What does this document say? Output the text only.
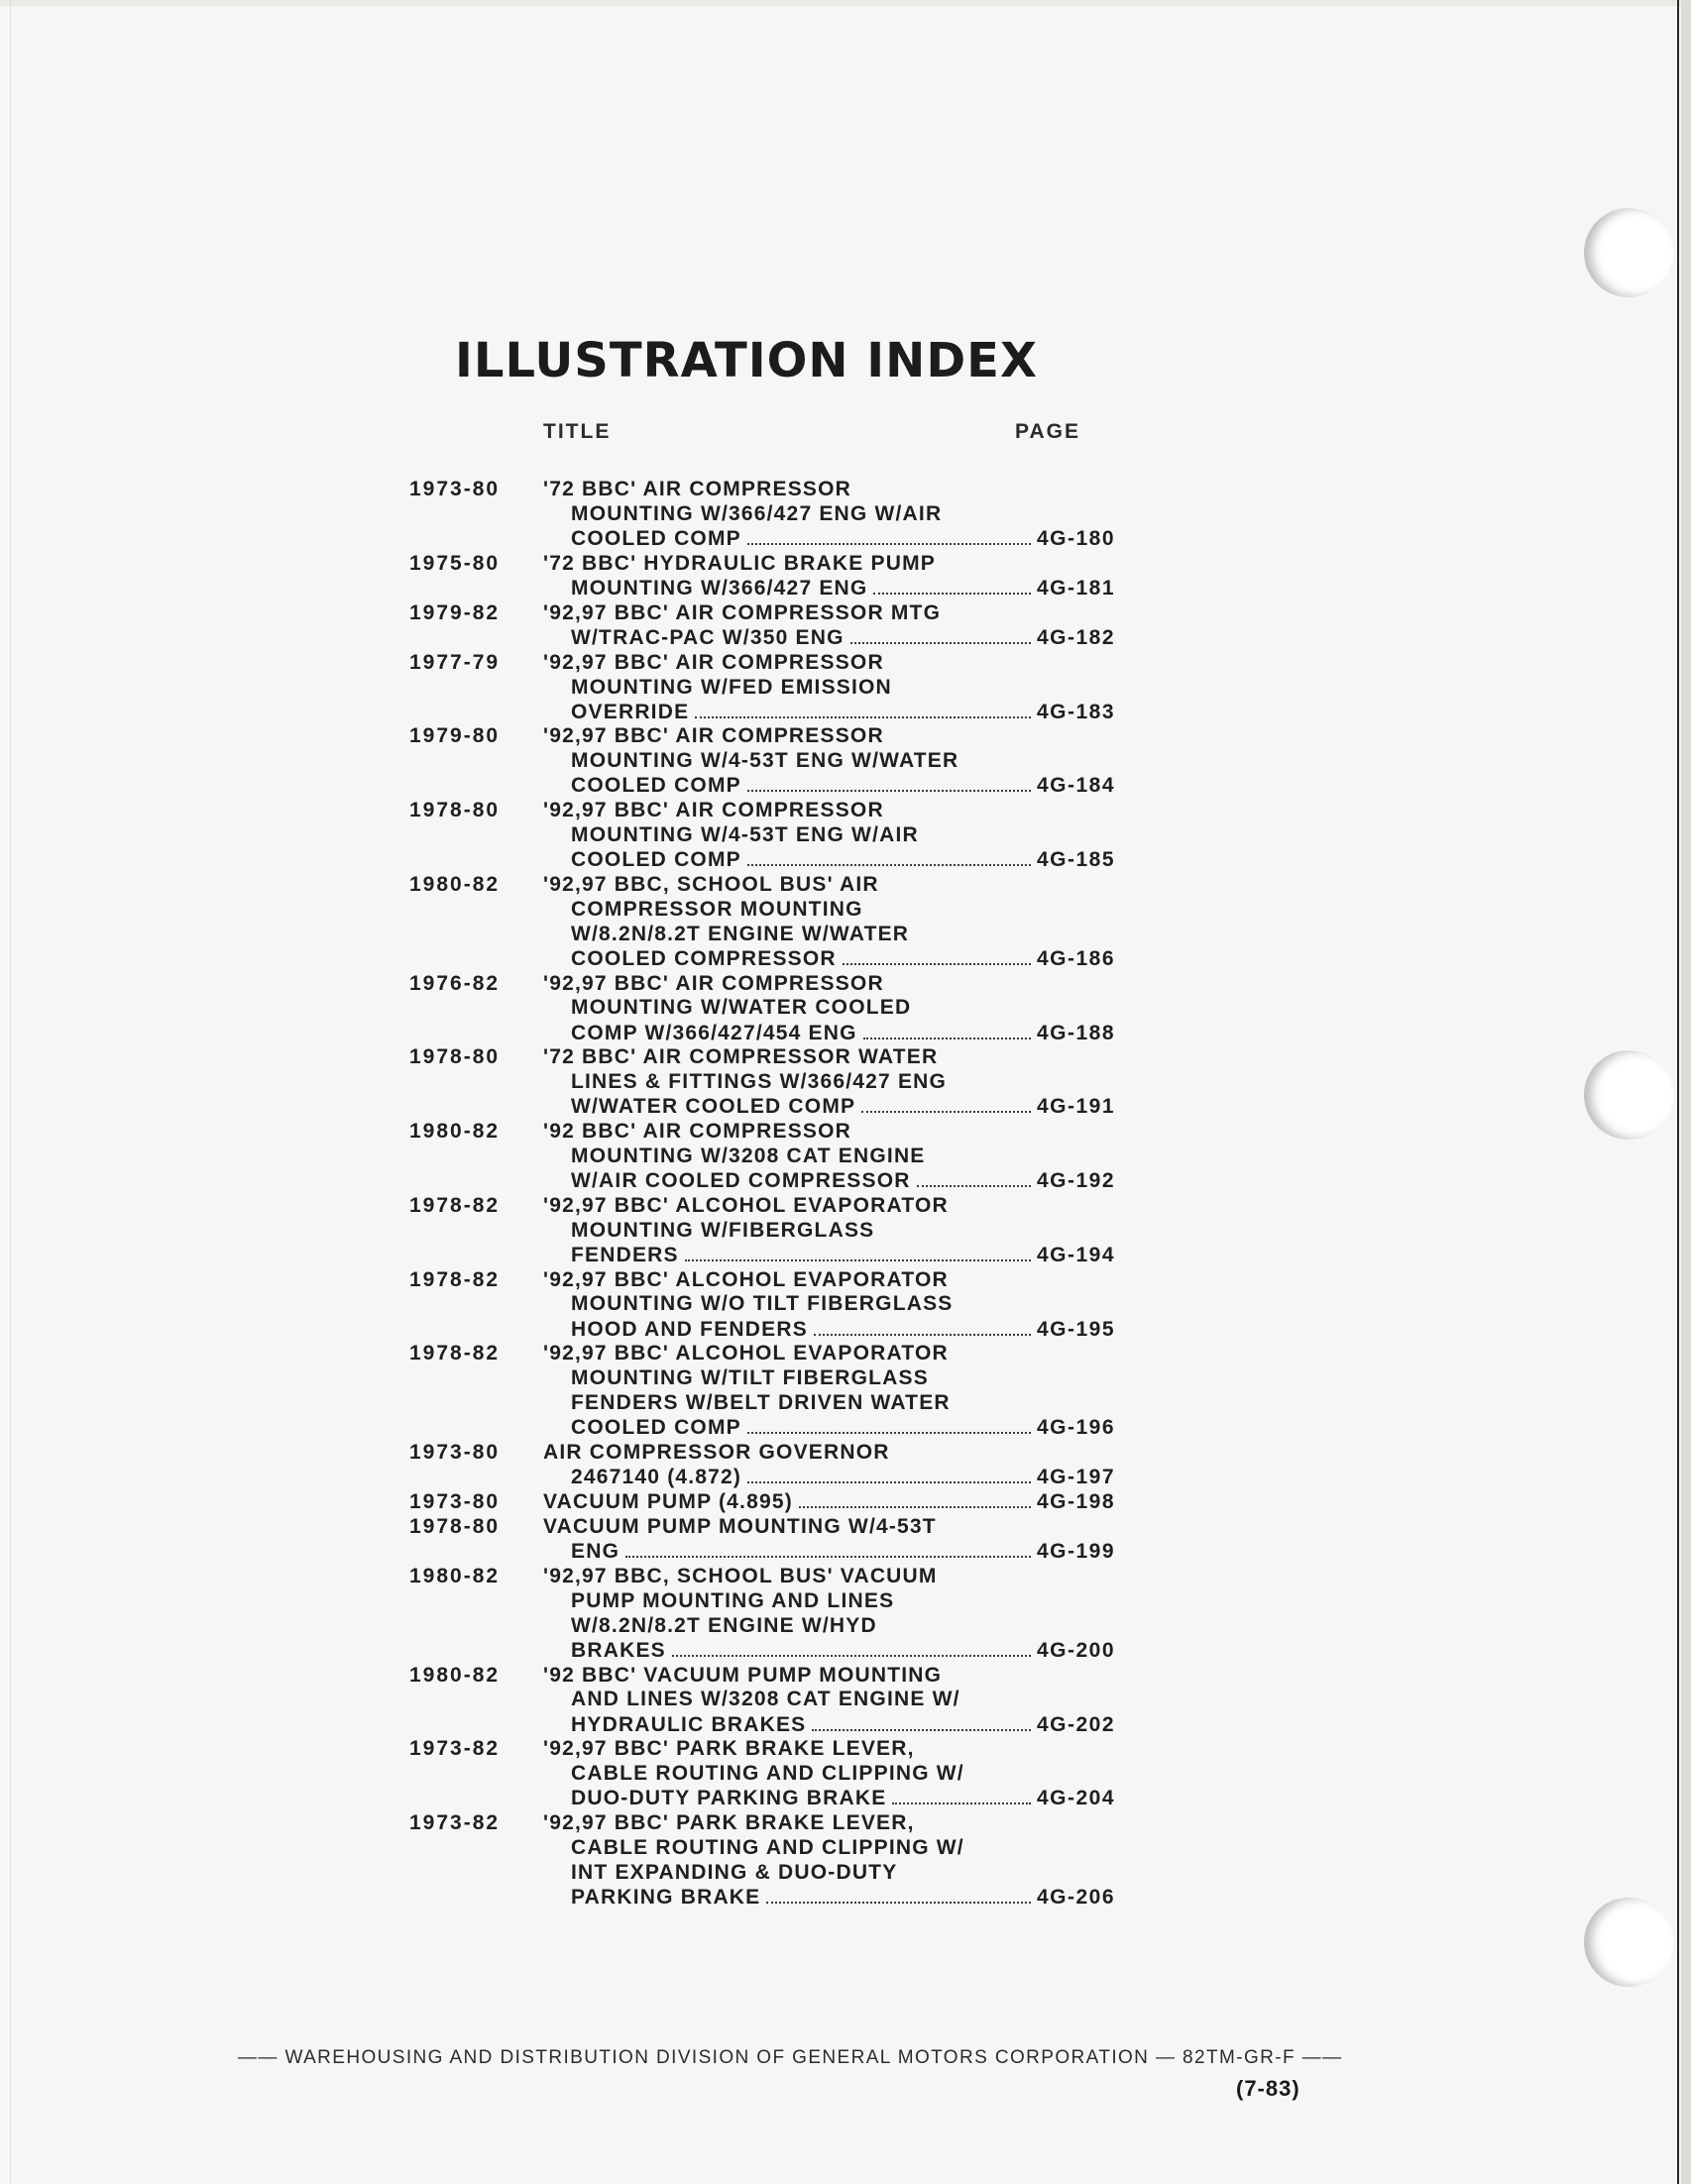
ILLUSTRATION INDEX
TITLE	PAGE
1973-80	'72 BBC' AIR COMPRESSOR
MOUNTING W/366/427 ENG W/AIR
COOLED COMP	4G-180
1975-80	'72 BBC' HYDRAULIC BRAKE PUMP
MOUNTING W/366/427 ENG	4G-181
1979-82	'92,97 BBC' AIR COMPRESSOR MTG
W/TRAC-PAC W/350 ENG	4G-182
1977-79	'92,97 BBC' AIR COMPRESSOR
MOUNTING W/FED EMISSION
OVERRIDE	4G-183
1979-80	'92,97 BBC' AIR COMPRESSOR
MOUNTING W/4-53T ENG W/WATER
COOLED COMP	4G-184
1978-80	'92,97 BBC' AIR COMPRESSOR
MOUNTING W/4-53T ENG W/AIR
COOLED COMP	4G-185
1980-82	'92,97 BBC, SCHOOL BUS' AIR
COMPRESSOR MOUNTING
W/8.2N/8.2T ENGINE W/WATER
COOLED COMPRESSOR	4G-186
1976-82	'92,97 BBC' AIR COMPRESSOR
MOUNTING W/WATER COOLED
COMP W/366/427/454 ENG	4G-188
1978-80	'72 BBC' AIR COMPRESSOR WATER
LINES & FITTINGS W/366/427 ENG
W/WATER COOLED COMP	4G-191
1980-82	'92 BBC' AIR COMPRESSOR
MOUNTING W/3208 CAT ENGINE
W/AIR COOLED COMPRESSOR	4G-192
1978-82	'92,97 BBC' ALCOHOL EVAPORATOR
MOUNTING W/FIBERGLASS
FENDERS	4G-194
1978-82	'92,97 BBC' ALCOHOL EVAPORATOR
MOUNTING W/O TILT FIBERGLASS
HOOD AND FENDERS	4G-195
1978-82	'92,97 BBC' ALCOHOL EVAPORATOR
MOUNTING W/TILT FIBERGLASS
FENDERS W/BELT DRIVEN WATER
COOLED COMP	4G-196
1973-80	AIR COMPRESSOR GOVERNOR
2467140 (4.872)	4G-197
1973-80	VACUUM PUMP (4.895)	4G-198
1978-80	VACUUM PUMP MOUNTING W/4-53T
ENG	4G-199
1980-82	'92,97 BBC, SCHOOL BUS' VACUUM
PUMP MOUNTING AND LINES
W/8.2N/8.2T ENGINE W/HYD
BRAKES	4G-200
1980-82	'92 BBC' VACUUM PUMP MOUNTING
AND LINES W/3208 CAT ENGINE W/
HYDRAULIC BRAKES	4G-202
1973-82	'92,97 BBC' PARK BRAKE LEVER,
CABLE ROUTING AND CLIPPING W/
DUO-DUTY PARKING BRAKE	4G-204
1973-82	'92,97 BBC' PARK BRAKE LEVER,
CABLE ROUTING AND CLIPPING W/
INT EXPANDING & DUO-DUTY
PARKING BRAKE	4G-206
—— WAREHOUSING AND DISTRIBUTION DIVISION OF GENERAL MOTORS CORPORATION — 82TM-GR-F ——
(7-83)
